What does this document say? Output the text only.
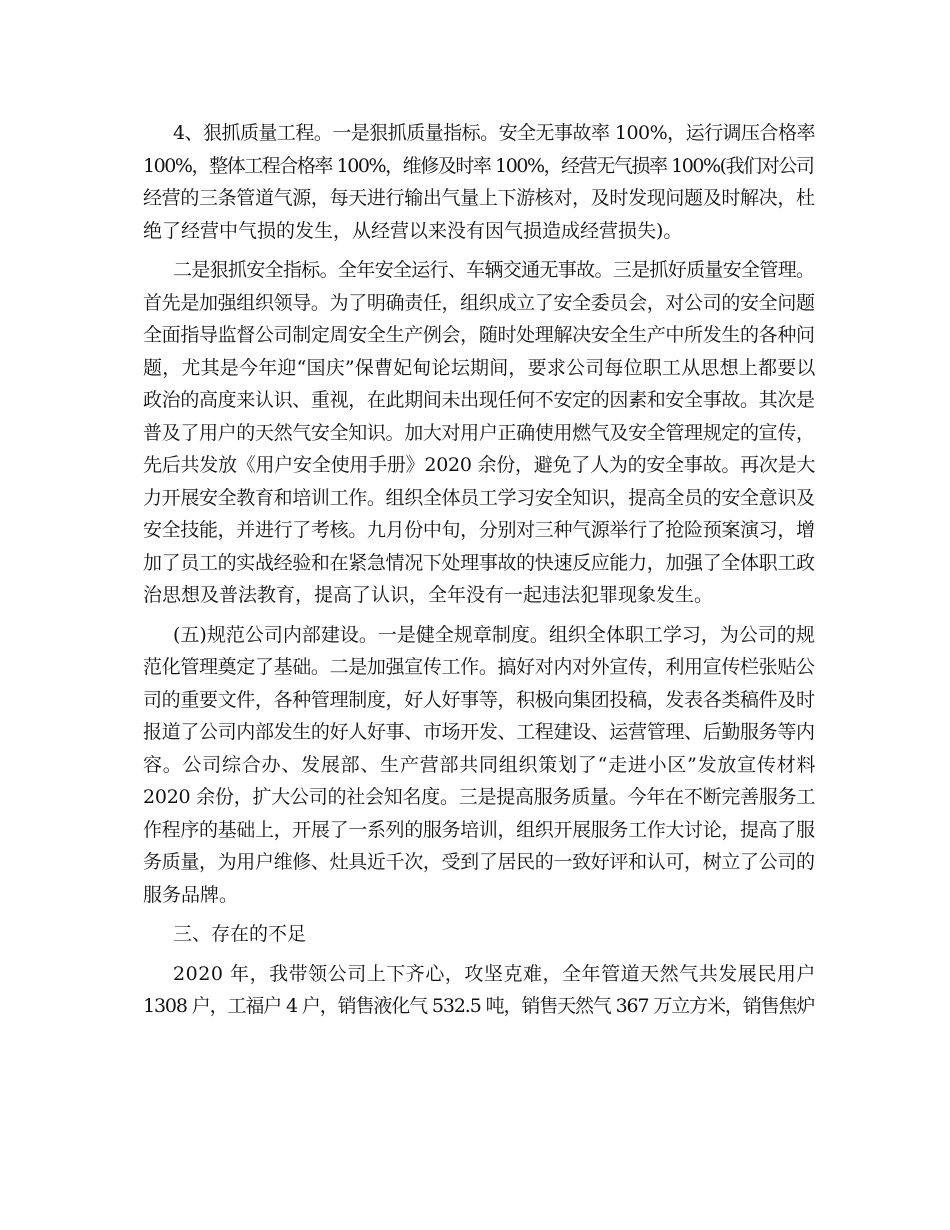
4、狠抓质量工程。一是狠抓质量指标。安全无事故率 100%，运行调压合格率
100%，整体工程合格率 100%，维修及时率 100%，经营无气损率 100%(我们对公司
经营的三条管道气源，每天进行输出气量上下游核对，及时发现问题及时解决，杜
绝了经营中气损的发生，从经营以来没有因气损造成经营损失)。
二是狠抓安全指标。全年安全运行、车辆交通无事故。三是抓好质量安全管理。
首先是加强组织领导。为了明确责任，组织成立了安全委员会，对公司的安全问题
全面指导监督公司制定周安全生产例会，随时处理解决安全生产中所发生的各种问
题，尤其是今年迎“国庆”保曹妃甸论坛期间，要求公司每位职工从思想上都要以
政治的高度来认识、重视，在此期间未出现任何不安定的因素和安全事故。其次是
普及了用户的天然气安全知识。加大对用户正确使用燃气及安全管理规定的宣传，
先后共发放《用户安全使用手册》2020 余份，避免了人为的安全事故。再次是大
力开展安全教育和培训工作。组织全体员工学习安全知识，提高全员的安全意识及
安全技能，并进行了考核。九月份中旬，分别对三种气源举行了抢险预案演习，增
加了员工的实战经验和在紧急情况下处理事故的快速反应能力，加强了全体职工政
治思想及普法教育，提高了认识，全年没有一起违法犯罪现象发生。
(五)规范公司内部建设。一是健全规章制度。组织全体职工学习，为公司的规
范化管理奠定了基础。二是加强宣传工作。搞好对内对外宣传，利用宣传栏张贴公
司的重要文件，各种管理制度，好人好事等，积极向集团投稿，发表各类稿件及时
报道了公司内部发生的好人好事、市场开发、工程建设、运营管理、后勤服务等内
容。公司综合办、发展部、生产营部共同组织策划了“走进小区”发放宣传材料
2020 余份，扩大公司的社会知名度。三是提高服务质量。今年在不断完善服务工
作程序的基础上，开展了一系列的服务培训，组织开展服务工作大讨论，提高了服
务质量，为用户维修、灶具近千次，受到了居民的一致好评和认可，树立了公司的
服务品牌。
三、存在的不足
2020 年，我带领公司上下齐心，攻坚克难，全年管道天然气共发展民用户
1308 户，工福户 4 户，销售液化气 532.5 吨，销售天然气 367 万立方米，销售焦炉
